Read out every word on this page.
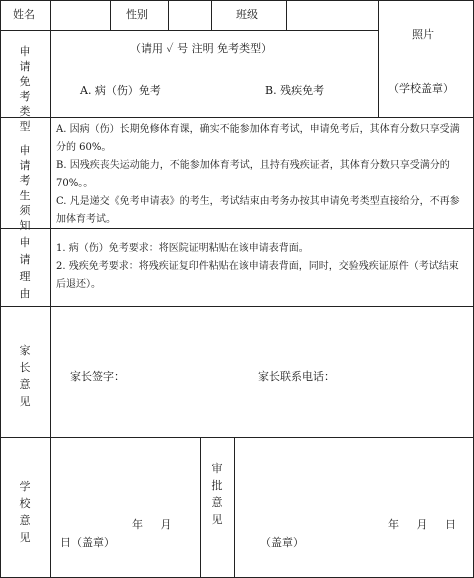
姓名	性别	班级
照片
（学校盖章）
申请免考类型
（请用 ✓ 号 注明 免考类型）
A. 病（伤）免考	B. 残疾免考
申请考生须知
A. 因病（伤）长期免修体育课，确实不能参加体育考试，申请免考后，其体育分数只享受满分的 60%。
B. 因残疾丧失运动能力，不能参加体育考试，且持有残疾证者，其体育分数只享受满分的 70%。。
C. 凡是递交《免考申请表》的考生，考试结束由考务办按其申请免考类型直接给分，不再参加体育考试。
申请理由
1. 病（伤）免考要求：将医院证明粘贴在该申请表背面。
2. 残疾免考要求：将残疾证复印件粘贴在该申请表背面，同时，交验残疾证原件（考试结束后退还）。
家长意见
家长签字：	家长联系电话：
学校意见
年 月
日（盖章）
审批意见	年 月 日
（盖章）
